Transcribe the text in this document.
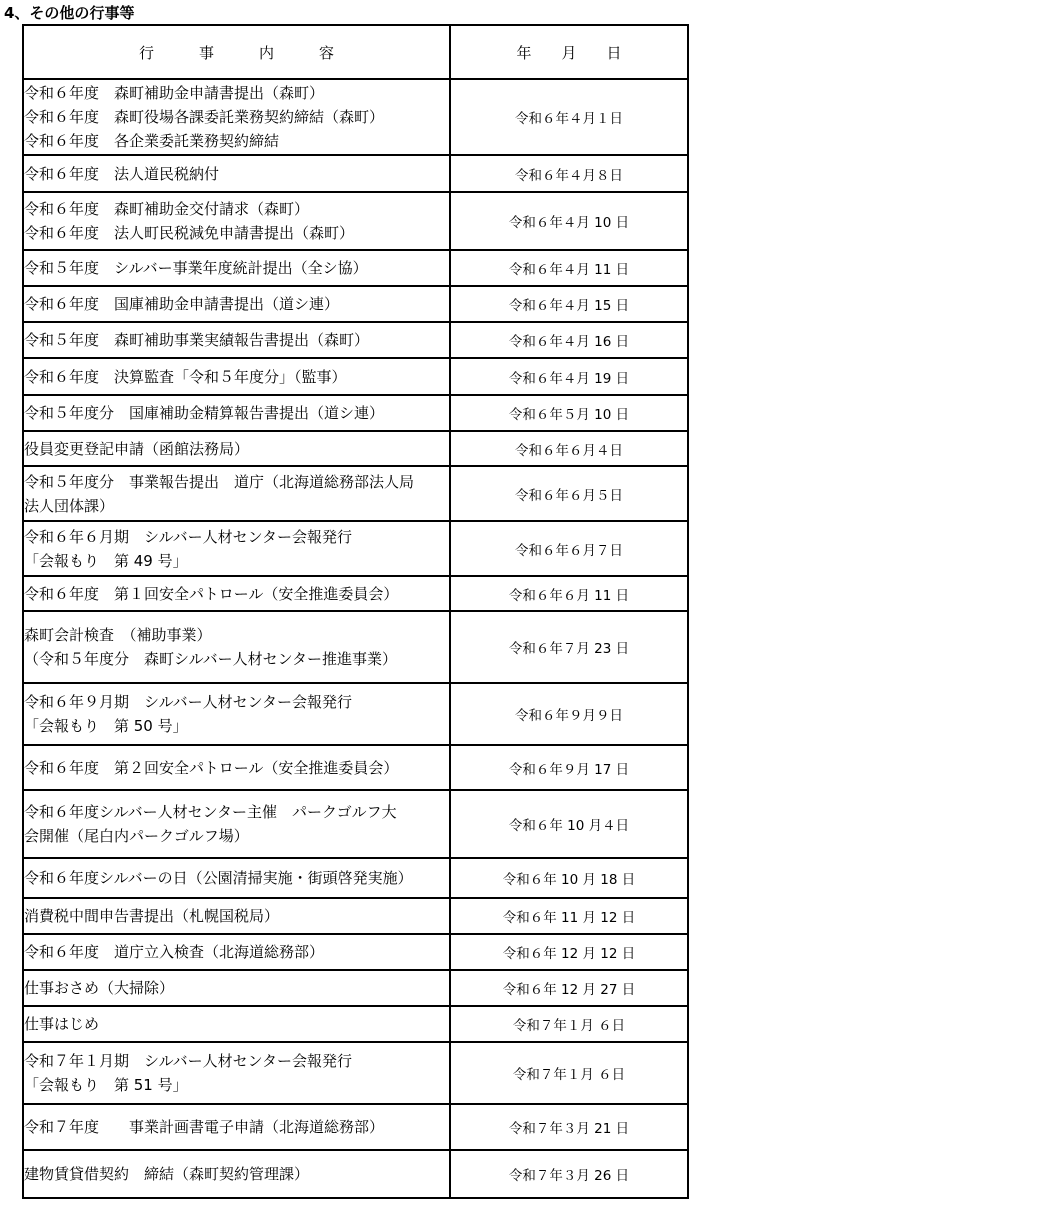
4、その他の行事等
行　　　事　　　内　　　容	年　　月　　日

令和６年度　森町補助金申請書提出（森町）
令和６年度　森町役場各課委託業務契約締結（森町）
令和６年度　各企業委託業務契約締結	令和６年４月１日

令和６年度　法人道民税納付	令和６年４月８日

令和６年度　森町補助金交付請求（森町）
令和６年度　法人町民税減免申請書提出（森町）	令和６年４月 10 日

令和５年度　シルバー事業年度統計提出（全シ協）	令和６年４月 11 日

令和６年度　国庫補助金申請書提出（道シ連）	令和６年４月 15 日

令和５年度　森町補助事業実績報告書提出（森町）	令和６年４月 16 日

令和６年度　決算監査「令和５年度分」（監事）	令和６年４月 19 日

令和５年度分　国庫補助金精算報告書提出（道シ連）	令和６年５月 10 日

役員変更登記申請（函館法務局）	令和６年６月４日

令和５年度分　事業報告提出　道庁（北海道総務部法人局
法人団体課）	令和６年６月５日

令和６年６月期　シルバー人材センター会報発行
「会報もり　第 49 号」	令和６年６月７日

令和６年度　第１回安全パトロール（安全推進委員会）	令和６年６月 11 日

森町会計検査　（補助事業）
（令和５年度分　森町シルバー人材センター推進事業）	令和６年７月 23 日

令和６年９月期　シルバー人材センター会報発行
「会報もり　第 50 号」	令和６年９月９日

令和６年度　第２回安全パトロール（安全推進委員会）	令和６年９月 17 日

令和６年度シルバー人材センター主催　パークゴルフ大
会開催（尾白内パークゴルフ場）	令和６年 10 月４日

令和６年度シルバーの日（公園清掃実施・街頭啓発実施）	令和６年 10 月 18 日

消費税中間申告書提出（札幌国税局）	令和６年 11 月 12 日

令和６年度　道庁立入検査（北海道総務部）	令和６年 12 月 12 日

仕事おさめ（大掃除）	令和６年 12 月 27 日

仕事はじめ	令和７年１月 ６日

令和７年１月期　シルバー人材センター会報発行
「会報もり　第 51 号」	令和７年１月 ６日

令和７年度　　事業計画書電子申請（北海道総務部）	令和７年３月 21 日

建物賃貸借契約　締結（森町契約管理課）	令和７年３月 26 日
